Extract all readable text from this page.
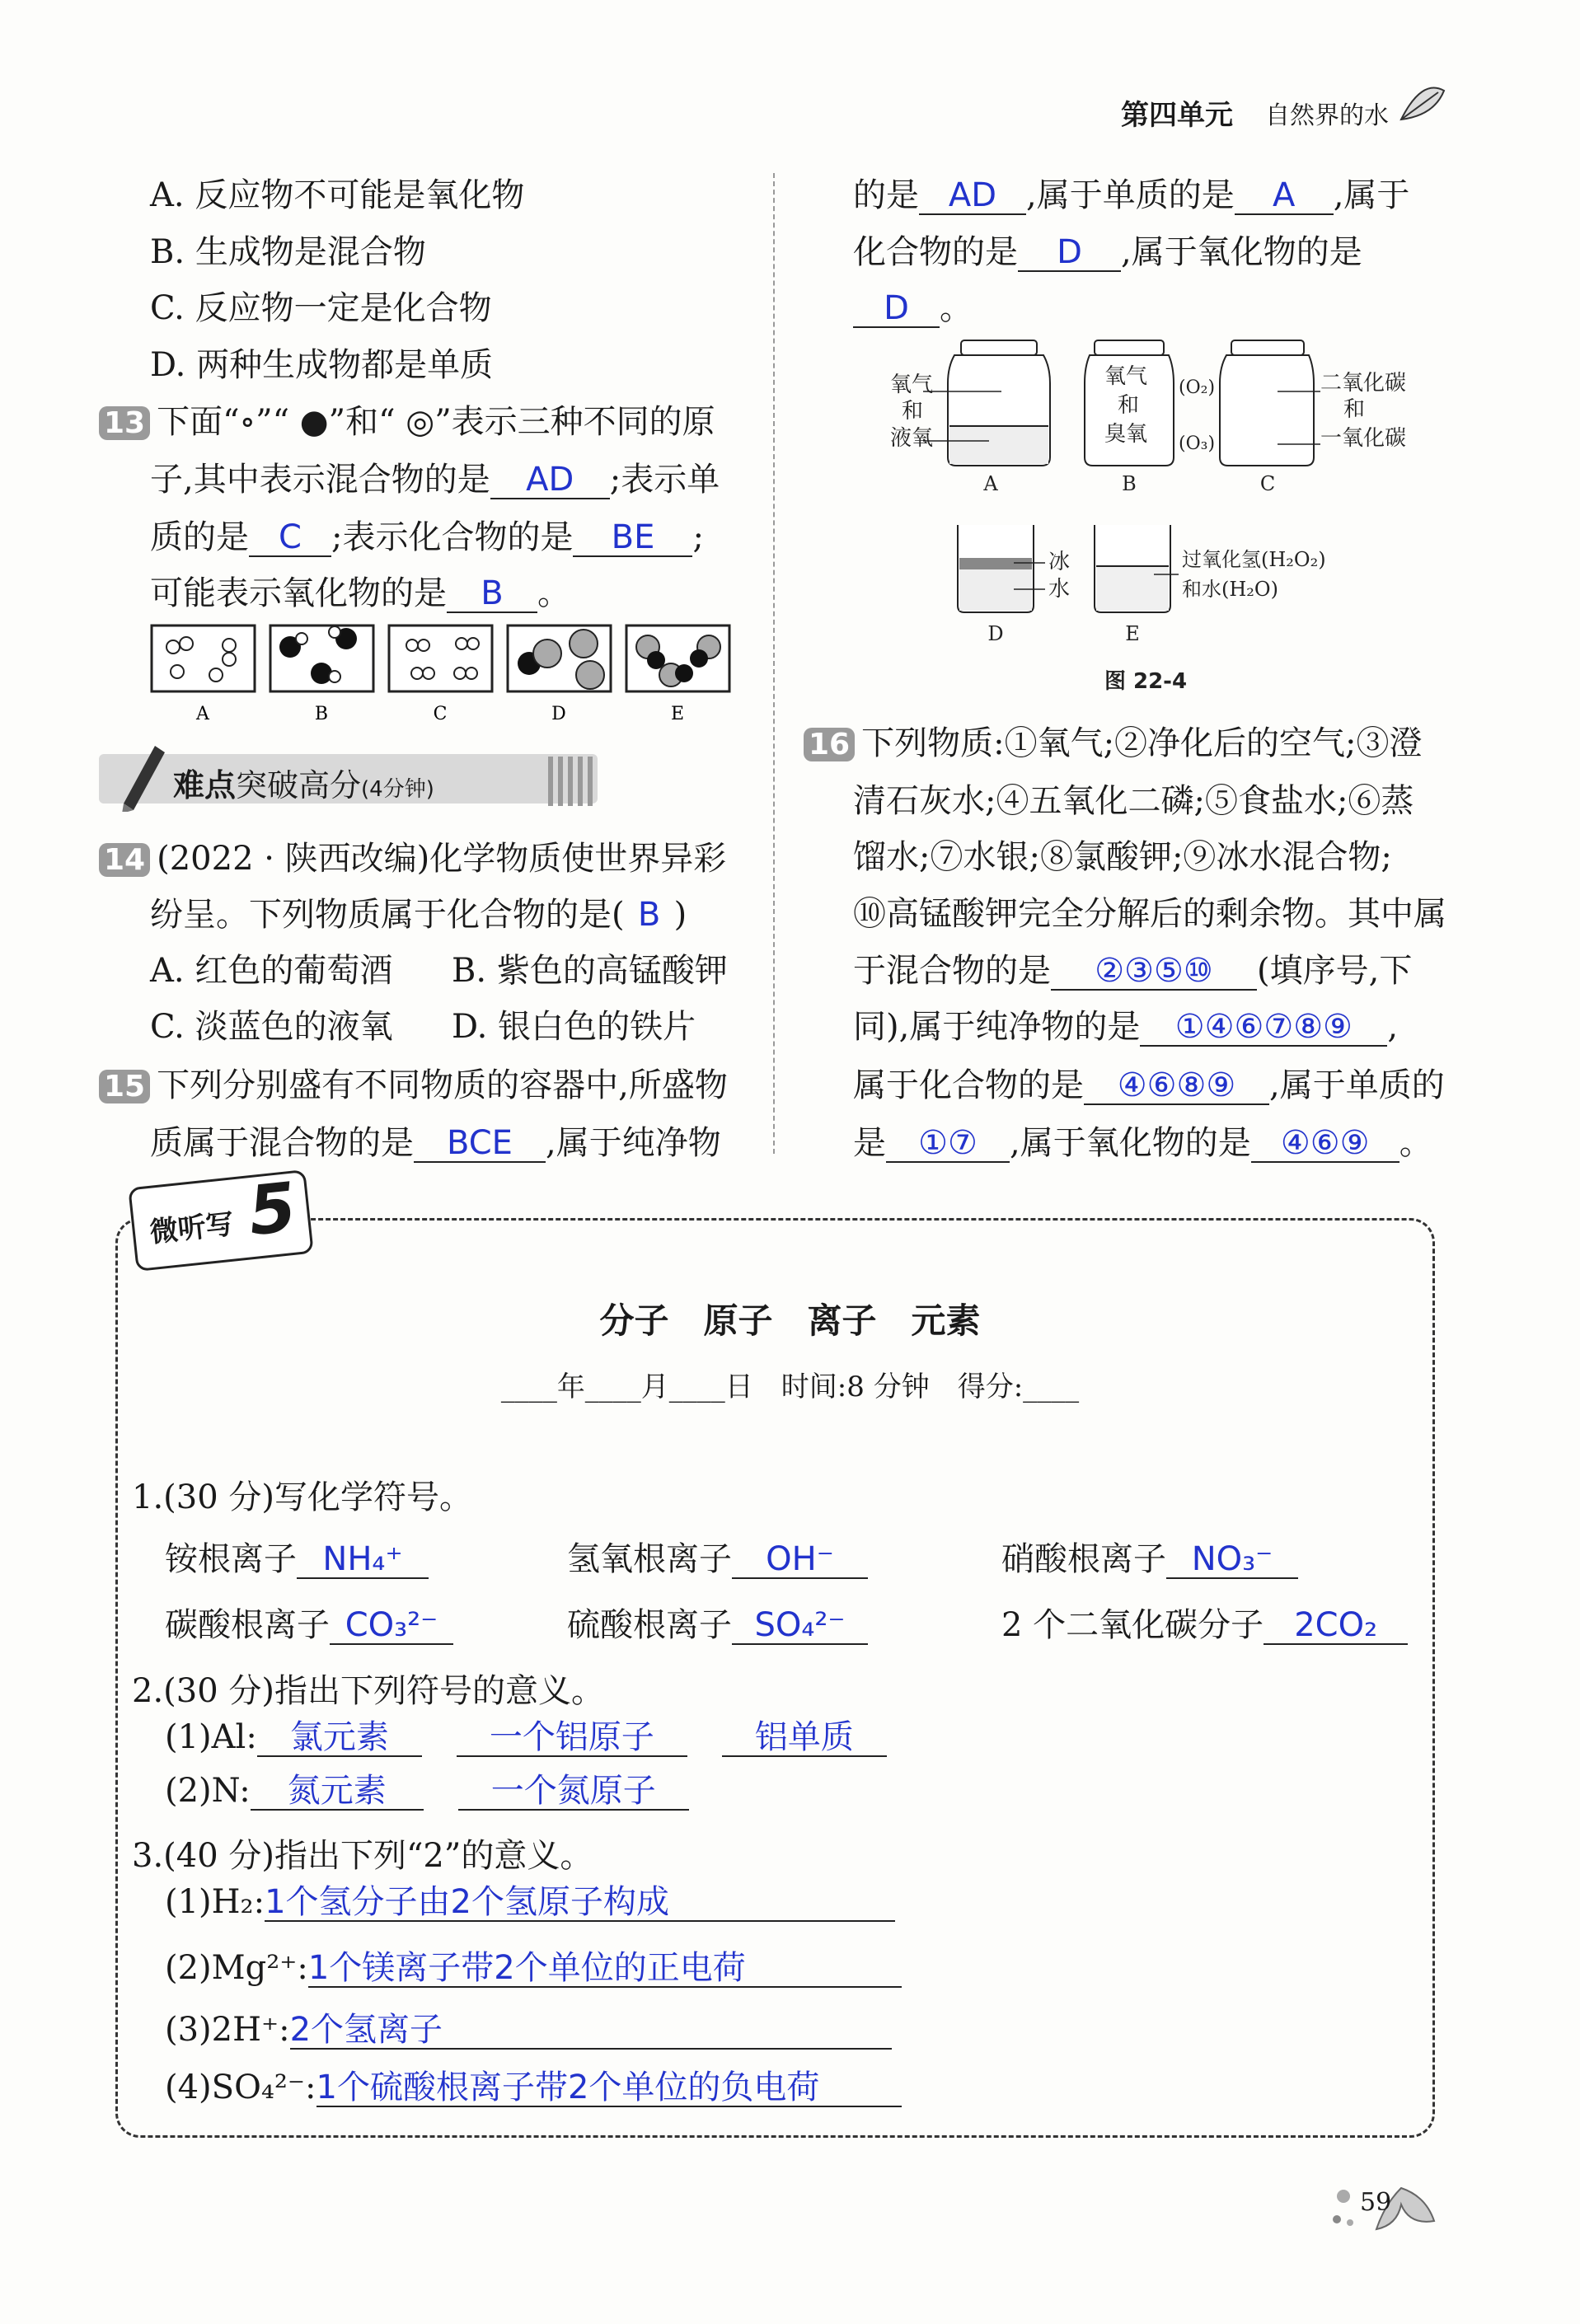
第四单元 自然界的水
A. 反应物不可能是氧化物
B. 生成物是混合物
C. 反应物一定是化合物
D. 两种生成物都是单质
13 下面“∘”“ ●”和“ ◎”表示三种不同的原
子,其中表示混合物的是 AD ;表示单
质的是 C ;表示化合物的是 BE ;
可能表示氧化物的是 B 。
A	B	C	D	E
难点突破高分(4分钟)
14 (2022 · 陕西改编)化学物质使世界异彩
纷呈。下列物质属于化合物的是( B )
A. 红色的葡萄酒 B. 紫色的高锰酸钾
C. 淡蓝色的液氧 D. 银白色的铁片
15 下列分别盛有不同物质的容器中,所盛物
质属于混合物的是 BCE ,属于纯净物
的是 AD ,属于单质的是 A ,属于
化合物的是 D ,属于氧化物的是
D 。
氧气
和
液氧
A
氧气
和
臭氧
(O₂)
(O₃)
B
二氧化碳
和
一氧化碳
C
冰
水
D
过氧化氢(H₂O₂)
和水(H₂O)
E
图 22-4
16 下列物质:①氧气;②净化后的空气;③澄
清石灰水;④五氧化二磷;⑤食盐水;⑥蒸
馏水;⑦水银;⑧氯酸钾;⑨冰水混合物;
⑩高锰酸钾完全分解后的剩余物。其中属
于混合物的是 ②③⑤⑩ (填序号,下
同),属于纯净物的是 ①④⑥⑦⑧⑨ ,
属于化合物的是 ④⑥⑧⑨ ,属于单质的
是 ①⑦ ,属于氧化物的是 ④⑥⑨ 。
微听写 5
分子　原子　离子　元素
____年____月____日　时间:8 分钟　得分:____
1.(30 分)写化学符号。
铵根离子 NH₄⁺	氢氧根离子 OH⁻	硝酸根离子 NO₃⁻
碳酸根离子 CO₃²⁻	硫酸根离子 SO₄²⁻	2 个二氧化碳分子 2CO₂
2.(30 分)指出下列符号的意义。
(1)Al: 氯元素	一个铝原子	铝单质
(2)N: 氮元素	一个氮原子
3.(40 分)指出下列“2”的意义。
(1)H₂:1个氢分子由2个氢原子构成
(2)Mg²⁺:1个镁离子带2个单位的正电荷
(3)2H⁺:2个氢离子
(4)SO₄²⁻:1个硫酸根离子带2个单位的负电荷
59
